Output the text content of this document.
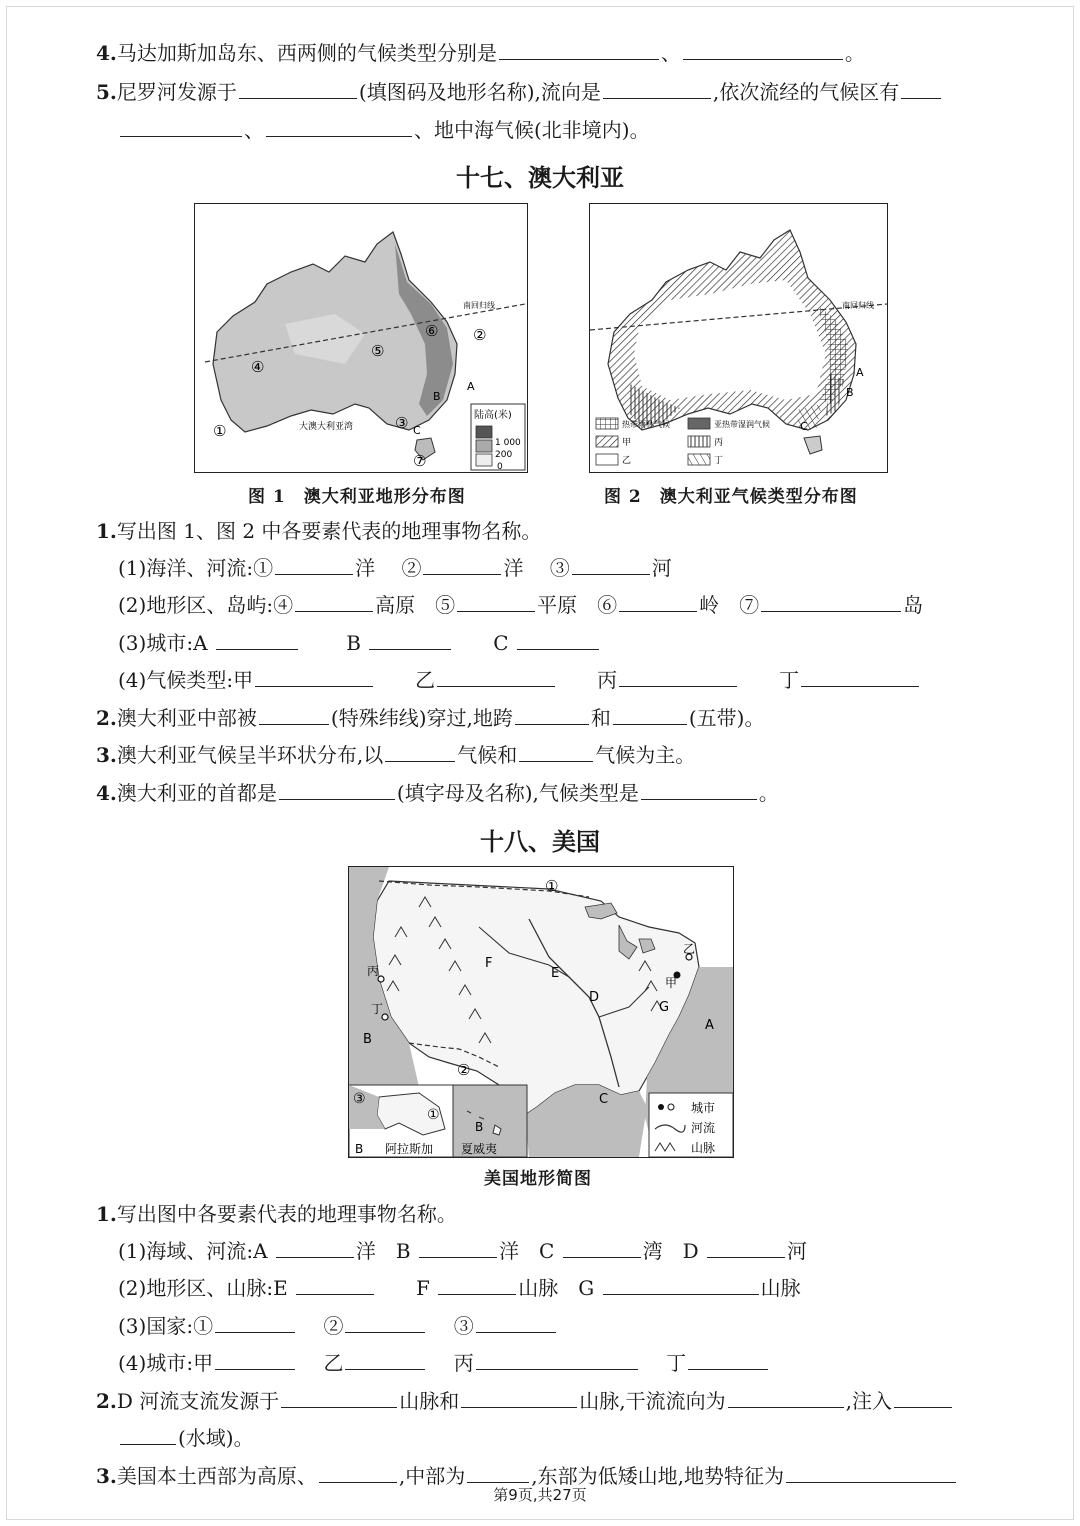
4.马达加斯加岛东、西两侧的气候类型分别是	、	。
5.尼罗河发源于	(填图码及地形名称),流向是	,依次流经的气候区有
、	、地中海气候(北非境内)。
十七、澳大利亚
南回归线
大澳大利亚湾
①
②
③
④
⑤
⑥
⑦
A
B
C
陆高(米)
1 000
200
0
图 1　澳大利亚地形分布图
南回归线
A
B
C
热带雨林气候	亚热带湿润气候
甲	丙
乙	丁
图 2　澳大利亚气候类型分布图
1.写出图 1、图 2 中各要素代表的地理事物名称。
(1)海洋、河流:①	洋　 ②	洋　 ③	河
(2)地形区、岛屿:④	高原　 ⑤	平原　 ⑥	岭　 ⑦	岛
(3)城市:A 　　	B 　　	C
(4)气候类型:甲　　	乙　　	丙　　	丁
2.澳大利亚中部被	(特殊纬线)穿过,地跨	和	(五带)。
3.澳大利亚气候呈半环状分布,以	气候和	气候为主。
4.澳大利亚的首都是	(填字母及名称),气候类型是	。
十八、美国
①
②
A
B
C
D
E
F
G
甲
乙
丙
丁
③
①
B 阿拉斯加
B
夏威夷
城市
河流
山脉
美国地形简图
1.写出图中各要素代表的地理事物名称。
(1)海域、河流:A	洋　 B	洋　 C	湾　 D	河
(2)地形区、山脉:E 　　	F	山脉　 G	山脉
(3)国家:①　	②　	③
(4)城市:甲　	乙　	丙　	丁
2.D 河流支流发源于	山脉和	山脉,干流流向为	,注入
(水域)。
3.美国本土西部为高原、	,中部为	,东部为低矮山地,地势特征为
第9页,共27页
